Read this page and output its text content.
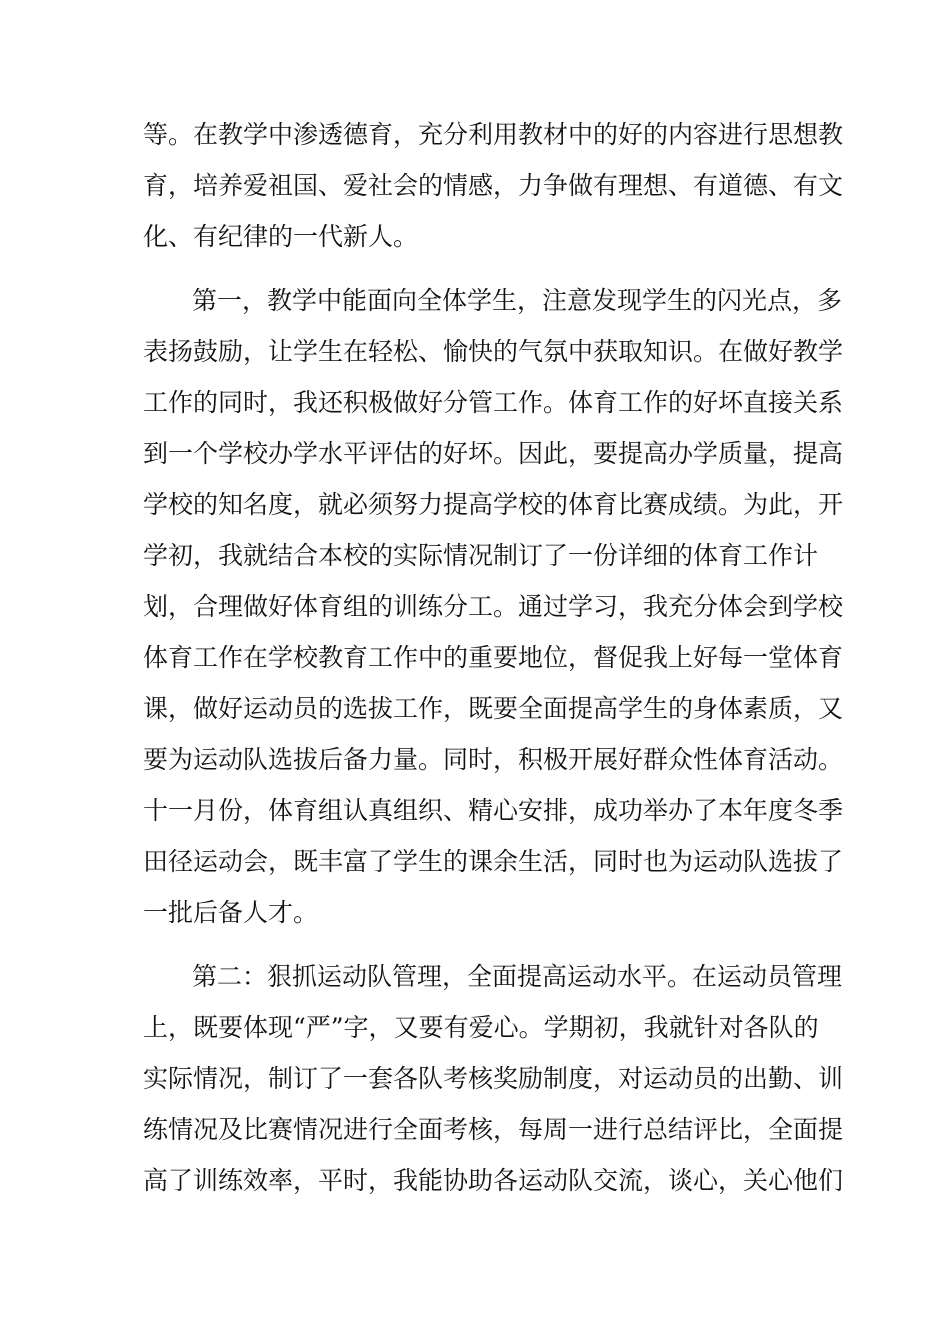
等。在教学中渗透德育，充分利用教材中的好的内容进行思想教
育，培养爱祖国、爱社会的情感，力争做有理想、有道德、有文
化、有纪律的一代新人。
第一，教学中能面向全体学生，注意发现学生的闪光点，多
表扬鼓励，让学生在轻松、愉快的气氛中获取知识。在做好教学
工作的同时，我还积极做好分管工作。体育工作的好坏直接关系
到一个学校办学水平评估的好坏。因此，要提高办学质量，提高
学校的知名度，就必须努力提高学校的体育比赛成绩。为此，开
学初，我就结合本校的实际情况制订了一份详细的体育工作计
划，合理做好体育组的训练分工。通过学习，我充分体会到学校
体育工作在学校教育工作中的重要地位，督促我上好每一堂体育
课，做好运动员的选拔工作，既要全面提高学生的身体素质，又
要为运动队选拔后备力量。同时，积极开展好群众性体育活动。
十一月份，体育组认真组织、精心安排，成功举办了本年度冬季
田径运动会，既丰富了学生的课余生活，同时也为运动队选拔了
一批后备人才。
第二：狠抓运动队管理，全面提高运动水平。在运动员管理
上，既要体现“严”字，又要有爱心。学期初，我就针对各队的
实际情况，制订了一套各队考核奖励制度，对运动员的出勤、训
练情况及比赛情况进行全面考核，每周一进行总结评比，全面提
高了训练效率，平时，我能协助各运动队交流，谈心，关心他们
